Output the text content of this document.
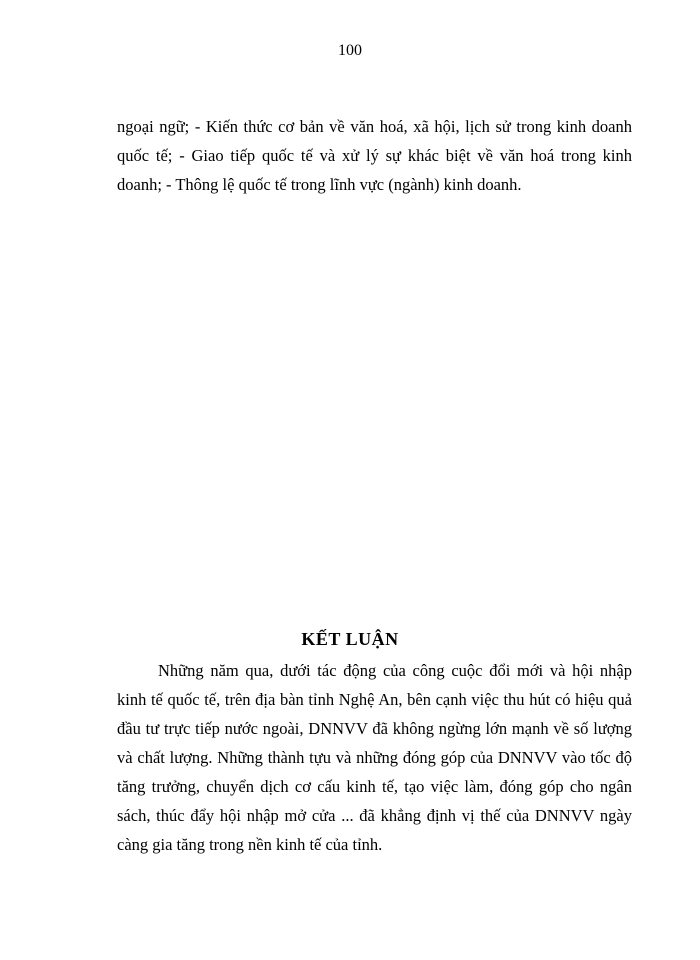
100
ngoại ngữ; - Kiến thức cơ bản về văn hoá, xã hội, lịch sử trong kinh doanh
quốc tế; - Giao tiếp quốc tế và xử lý sự khác biệt về văn hoá trong kinh
doanh; - Thông lệ quốc tế trong lĩnh vực (ngành) kinh doanh.
KẾT LUẬN
Những năm qua, dưới tác động của công cuộc đổi mới và hội nhập
kinh tế quốc tế, trên địa bàn tỉnh Nghệ An, bên cạnh việc thu hút có hiệu quả
đầu tư trực tiếp nước ngoài, DNNVV đã không ngừng lớn mạnh về số lượng
và chất lượng. Những thành tựu và những đóng góp của DNNVV vào tốc độ
tăng trưởng, chuyển dịch cơ cấu kinh tế, tạo việc làm, đóng góp cho ngân
sách, thúc đẩy hội nhập mở cửa ... đã khẳng định vị thế của DNNVV ngày
càng gia tăng trong nền kinh tế của tỉnh.
